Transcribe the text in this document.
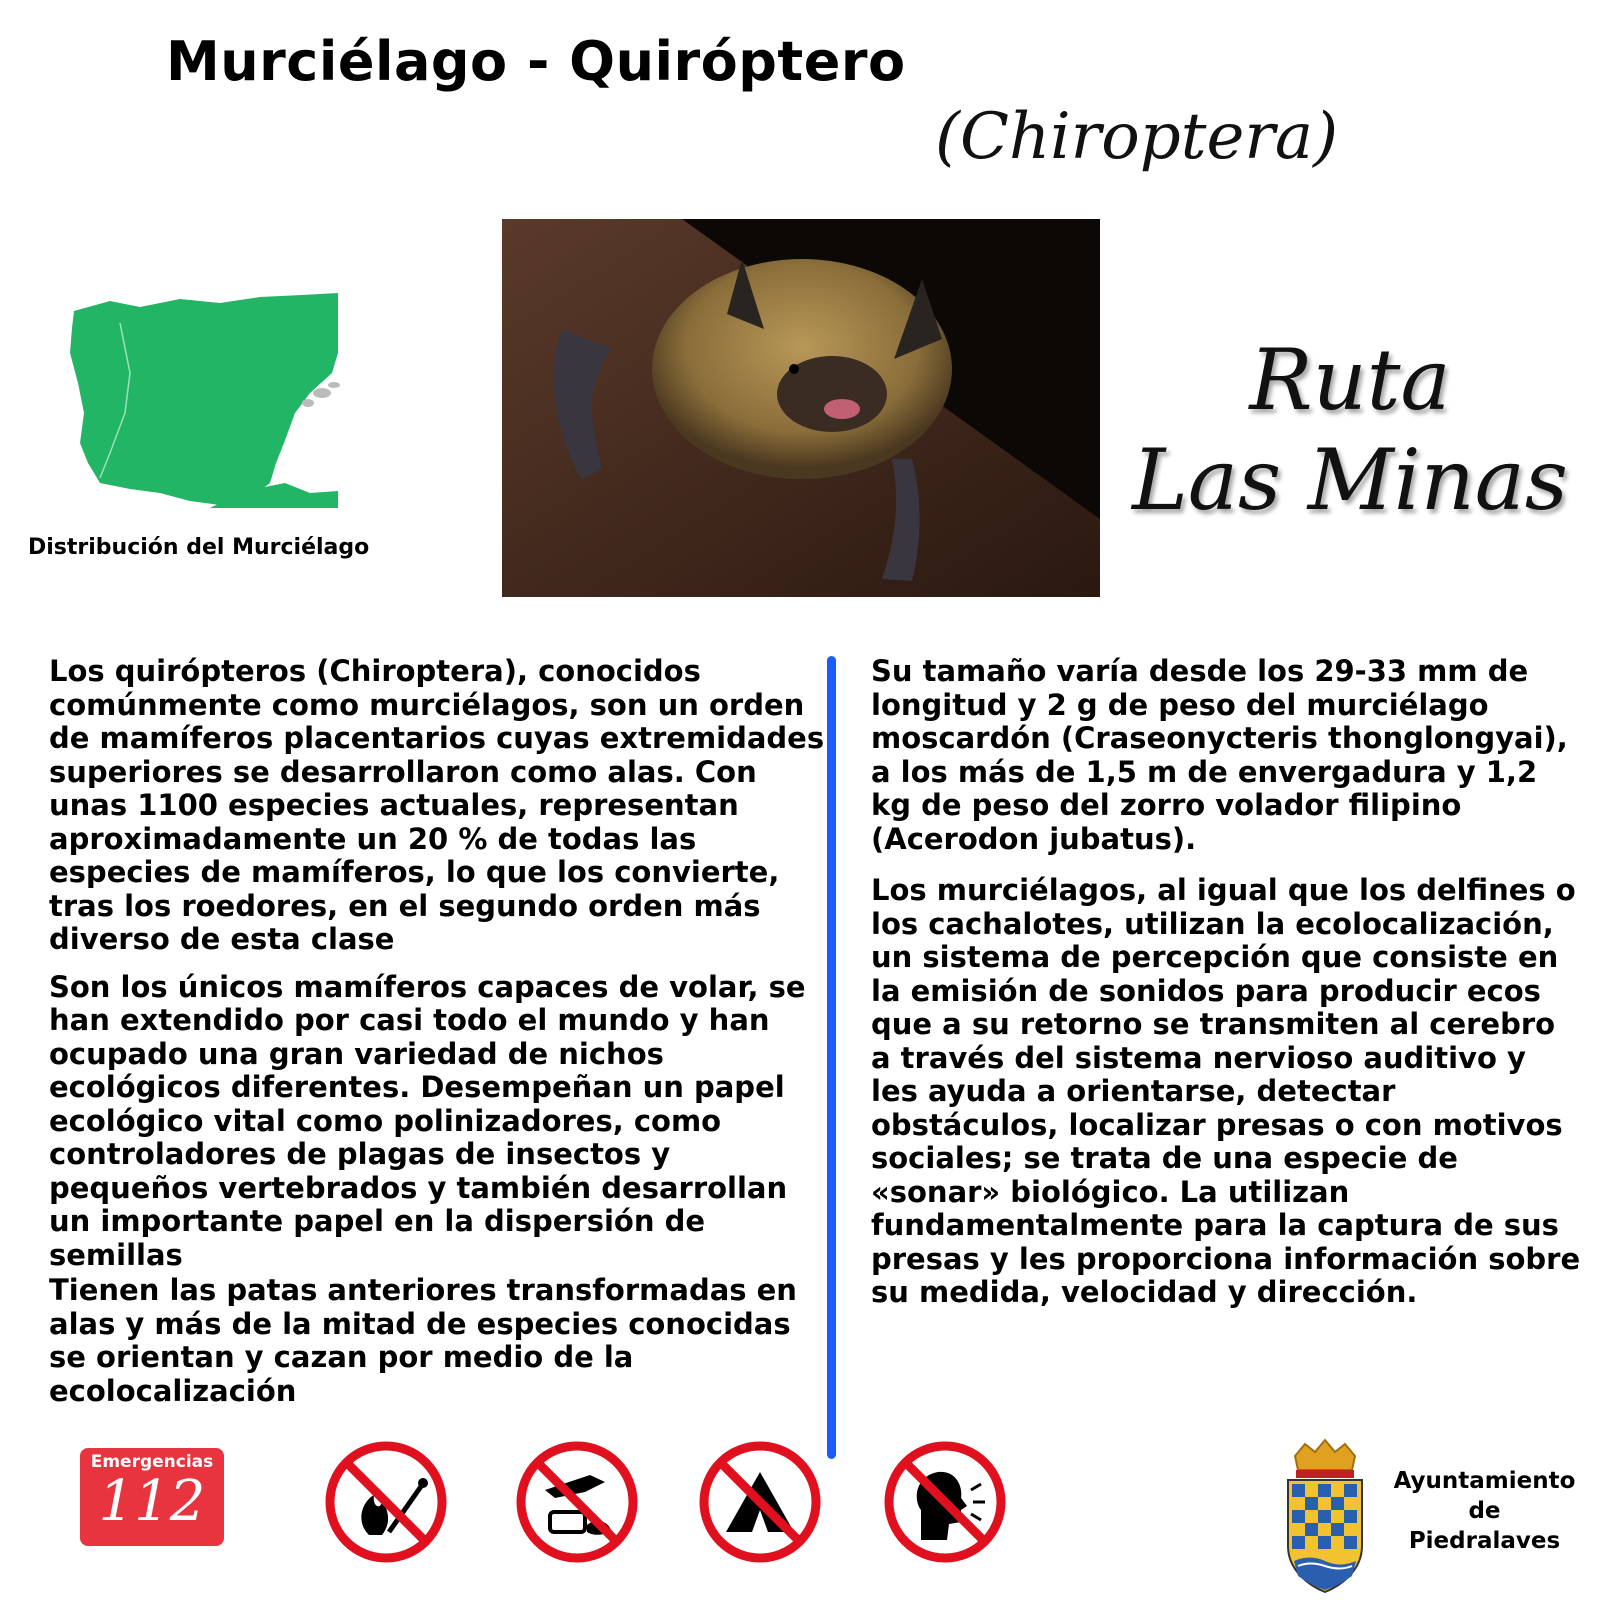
Murciélago - Quiróptero
(Chiroptera)
Distribución del Murciélago
Ruta
Las Minas

Los quirópteros (Chiroptera), conocidos comúnmente como murciélagos, son un orden de mamíferos placentarios cuyas extremidades superiores se desarrollaron como alas. Con unas 1100 especies actuales, representan aproximadamente un 20 % de todas las especies de mamíferos, lo que los convierte, tras los roedores, en el segundo orden más diverso de esta clase

Son los únicos mamíferos capaces de volar, se han extendido por casi todo el mundo y han ocupado una gran variedad de nichos ecológicos diferentes. Desempeñan un papel ecológico vital como polinizadores, como controladores de plagas de insectos y pequeños vertebrados y también desarrollan un importante papel en la dispersión de semillas

Tienen las patas anteriores transformadas en alas y más de la mitad de especies conocidas se orientan y cazan por medio de la ecolocalización

Su tamaño varía desde los 29-33 mm de longitud y 2 g de peso del murciélago moscardón (Craseonycteris thonglongyai), a los más de 1,5 m de envergadura y 1,2 kg de peso del zorro volador filipino (Acerodon jubatus).

Los murciélagos, al igual que los delfines o los cachalotes, utilizan la ecolocalización, un sistema de percepción que consiste en la emisión de sonidos para producir ecos que a su retorno se transmiten al cerebro a través del sistema nervioso auditivo y les ayuda a orientarse, detectar obstáculos, localizar presas o con motivos sociales; se trata de una especie de «sonar» biológico. La utilizan fundamentalmente para la captura de sus presas y les proporciona información sobre su medida, velocidad y dirección.

Emergencias
112	Ayuntamiento
de
Piedralaves
